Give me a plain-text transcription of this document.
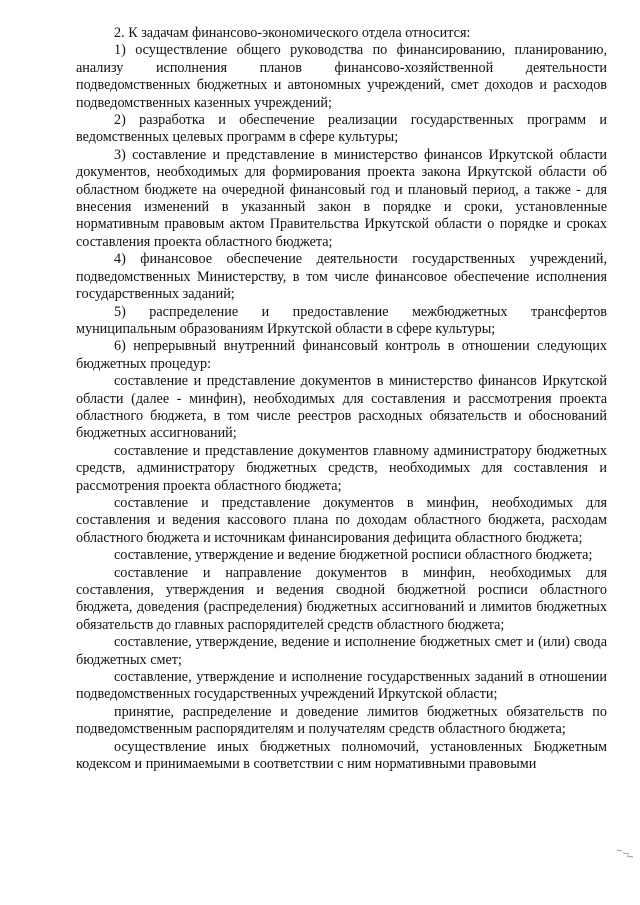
2. К задачам финансово-экономического отдела относится:

1) осуществление общего руководства по финансированию, планированию, анализу исполнения планов финансово-хозяйственной деятельности подведомственных бюджетных и автономных учреждений, смет доходов и расходов подведомственных казенных учреждений;

2) разработка и обеспечение реализации государственных программ и ведомственных целевых программ в сфере культуры;

3) составление и представление в министерство финансов Иркутской области документов, необходимых для формирования проекта закона Иркутской области об областном бюджете на очередной финансовый год и плановый период, а также - для внесения изменений в указанный закон в порядке и сроки, установленные нормативным правовым актом Правительства Иркутской области о порядке и сроках составления проекта областного бюджета;

4) финансовое обеспечение деятельности государственных учреждений, подведомственных Министерству, в том числе финансовое обеспечение исполнения государственных заданий;

5) распределение и предоставление межбюджетных трансфертов муниципальным образованиям Иркутской области в сфере культуры;

6) непрерывный внутренний финансовый контроль в отношении следующих бюджетных процедур:

составление и представление документов в министерство финансов Иркутской области (далее - минфин), необходимых для составления и рассмотрения проекта областного бюджета, в том числе реестров расходных обязательств и обоснований бюджетных ассигнований;

составление и представление документов главному администратору бюджетных средств, администратору бюджетных средств, необходимых для составления и рассмотрения проекта областного бюджета;

составление и представление документов в минфин, необходимых для составления и ведения кассового плана по доходам областного бюджета, расходам областного бюджета и источникам финансирования дефицита областного бюджета;

составление, утверждение и ведение бюджетной росписи областного бюджета;

составление и направление документов в минфин, необходимых для составления, утверждения и ведения сводной бюджетной росписи областного бюджета, доведения (распределения) бюджетных ассигнований и лимитов бюджетных обязательств до главных распорядителей средств областного бюджета;

составление, утверждение, ведение и исполнение бюджетных смет и (или) свода бюджетных смет;

составление, утверждение и исполнение государственных заданий в отношении подведомственных государственных учреждений Иркутской области;

принятие, распределение и доведение лимитов бюджетных обязательств по подведомственным распорядителям и получателям средств областного бюджета;

осуществление иных бюджетных полномочий, установленных Бюджетным кодексом и принимаемыми в соответствии с ним нормативными правовыми
